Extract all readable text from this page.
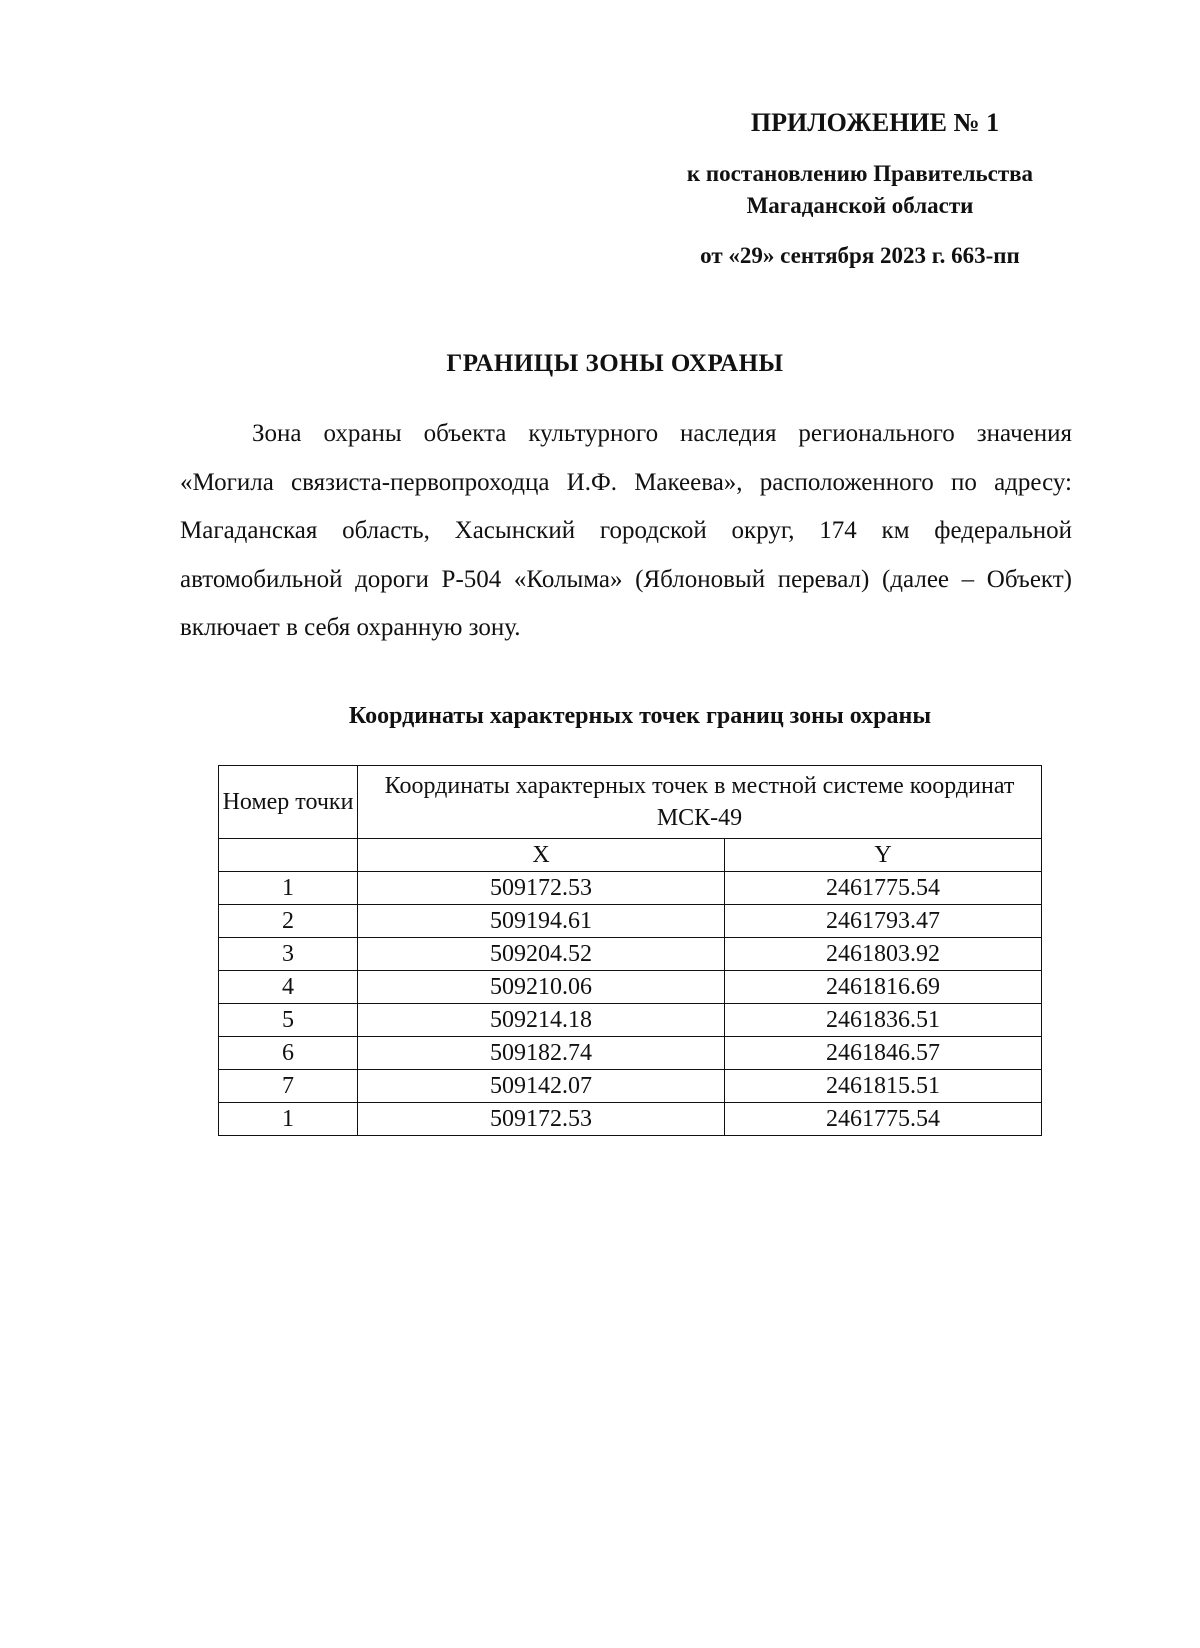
ПРИЛОЖЕНИЕ № 1

к постановлению Правительства

Магаданской области

от «29» сентября 2023 г. 663-пп

ГРАНИЦЫ ЗОНЫ ОХРАНЫ

Зона охраны объекта культурного наследия регионального значения «Могила связиста-первопроходца И.Ф. Макеева», расположенного по адресу: Магаданская область, Хасынский городской округ, 174 км федеральной автомобильной дороги Р-504 «Колыма» (Яблоновый перевал) (далее – Объект) включает в себя охранную зону.

Координаты характерных точек границ зоны охраны

Номер точки	Координаты характерных точек в местной системе координат МСК-49	
	X	Y
1	509172.53	2461775.54
2	509194.61	2461793.47
3	509204.52	2461803.92
4	509210.06	2461816.69
5	509214.18	2461836.51
6	509182.74	2461846.57
7	509142.07	2461815.51
1	509172.53	2461775.54
